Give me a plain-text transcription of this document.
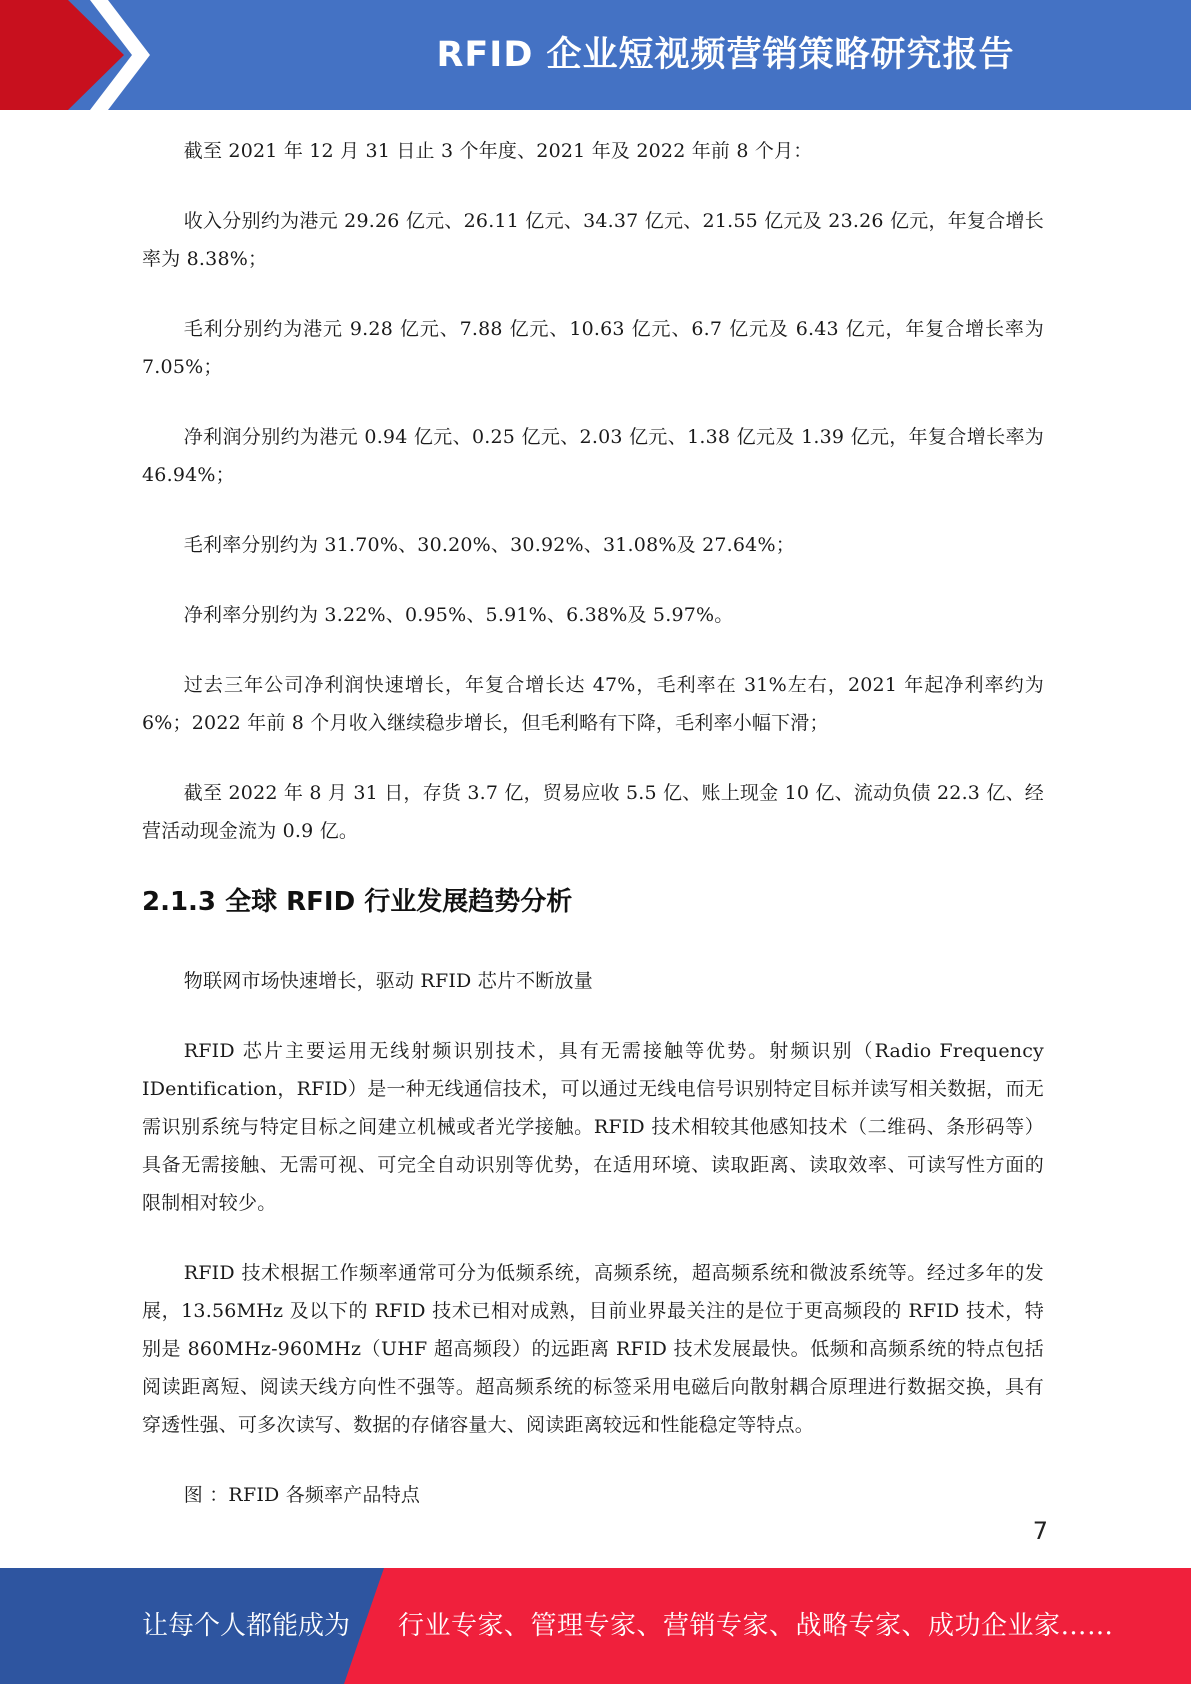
RFID 企业短视频营销策略研究报告

截至 2021 年 12 月 31 日止 3 个年度、2021 年及 2022 年前 8 个月：

收入分别约为港元 29.26 亿元、26.11 亿元、34.37 亿元、21.55 亿元及 23.26 亿元，年复合增长率为 8.38%；

毛利分别约为港元 9.28 亿元、7.88 亿元、10.63 亿元、6.7 亿元及 6.43 亿元，年复合增长率为 7.05%；

净利润分别约为港元 0.94 亿元、0.25 亿元、2.03 亿元、1.38 亿元及 1.39 亿元，年复合增长率为 46.94%；

毛利率分别约为 31.70%、30.20%、30.92%、31.08%及 27.64%；

净利率分别约为 3.22%、0.95%、5.91%、6.38%及 5.97%。

过去三年公司净利润快速增长，年复合增长达 47%，毛利率在 31%左右，2021 年起净利率约为 6%；2022 年前 8 个月收入继续稳步增长，但毛利略有下降，毛利率小幅下滑；

截至 2022 年 8 月 31 日，存货 3.7 亿，贸易应收 5.5 亿、账上现金 10 亿、流动负债 22.3 亿、经营活动现金流为 0.9 亿。

2.1.3 全球 RFID 行业发展趋势分析

物联网市场快速增长，驱动 RFID 芯片不断放量

RFID 芯片主要运用无线射频识别技术，具有无需接触等优势。射频识别（Radio Frequency IDentification，RFID）是一种无线通信技术，可以通过无线电信号识别特定目标并读写相关数据，而无需识别系统与特定目标之间建立机械或者光学接触。RFID 技术相较其他感知技术（二维码、条形码等）具备无需接触、无需可视、可完全自动识别等优势，在适用环境、读取距离、读取效率、可读写性方面的限制相对较少。

RFID 技术根据工作频率通常可分为低频系统，高频系统，超高频系统和微波系统等。经过多年的发展，13.56MHz 及以下的 RFID 技术已相对成熟，目前业界最关注的是位于更高频段的 RFID 技术，特别是 860MHz-960MHz（UHF 超高频段）的远距离 RFID 技术发展最快。低频和高频系统的特点包括阅读距离短、阅读天线方向性不强等。超高频系统的标签采用电磁后向散射耦合原理进行数据交换，具有穿透性强、可多次读写、数据的存储容量大、阅读距离较远和性能稳定等特点。

图 ：RFID 各频率产品特点

7
让每个人都能成为 行业专家、管理专家、营销专家、战略专家、成功企业家……
